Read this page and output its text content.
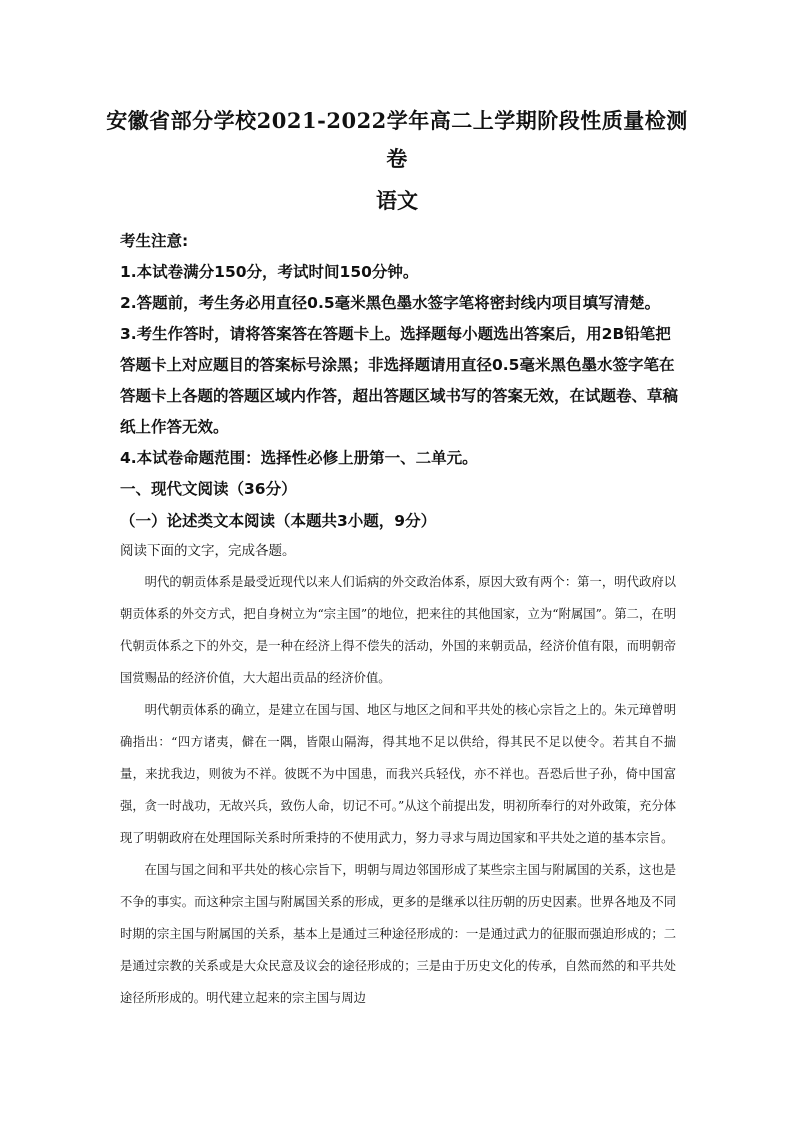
安徽省部分学校2021-2022学年高二上学期阶段性质量检测卷
语文

考生注意:

1.本试卷满分150分，考试时间150分钟。

2.答题前，考生务必用直径0.5毫米黑色墨水签字笔将密封线内项目填写清楚。

3.考生作答时，请将答案答在答题卡上。选择题每小题选出答案后，用2B铅笔把答题卡上对应题目的答案标号涂黑；非选择题请用直径0.5毫米黑色墨水签字笔在答题卡上各题的答题区域内作答，超出答题区域书写的答案无效，在试题卷、草稿纸上作答无效。

4.本试卷命题范围：选择性必修上册第一、二单元。

一、现代文阅读（36分）
（一）论述类文本阅读（本题共3小题，9分）
阅读下面的文字，完成各题。

明代的朝贡体系是最受近现代以来人们诟病的外交政治体系，原因大致有两个：第一，明代政府以朝贡体系的外交方式，把自身树立为“宗主国”的地位，把来往的其他国家，立为“附属国”。第二，在明代朝贡体系之下的外交，是一种在经济上得不偿失的活动，外国的来朝贡品，经济价值有限，而明朝帝国赏赐品的经济价值，大大超出贡品的经济价值。

明代朝贡体系的确立，是建立在国与国、地区与地区之间和平共处的核心宗旨之上的。朱元璋曾明确指出：“四方诸夷，僻在一隅，皆限山隔海，得其地不足以供给，得其民不足以使令。若其自不揣量，来扰我边，则彼为不祥。彼既不为中国患，而我兴兵轻伐，亦不祥也。吾恐后世子孙，倚中国富强，贪一时战功，无故兴兵，致伤人命，切记不可。”从这个前提出发，明初所奉行的对外政策，充分体现了明朝政府在处理国际关系时所秉持的不使用武力，努力寻求与周边国家和平共处之道的基本宗旨。

在国与国之间和平共处的核心宗旨下，明朝与周边邻国形成了某些宗主国与附属国的关系，这也是不争的事实。而这种宗主国与附属国关系的形成，更多的是继承以往历朝的历史因素。世界各地及不同时期的宗主国与附属国的关系，基本上是通过三种途径形成的：一是通过武力的征服而强迫形成的；二是通过宗教的关系或是大众民意及议会的途径形成的；三是由于历史文化的传承，自然而然的和平共处途径所形成的。明代建立起来的宗主国与周边
